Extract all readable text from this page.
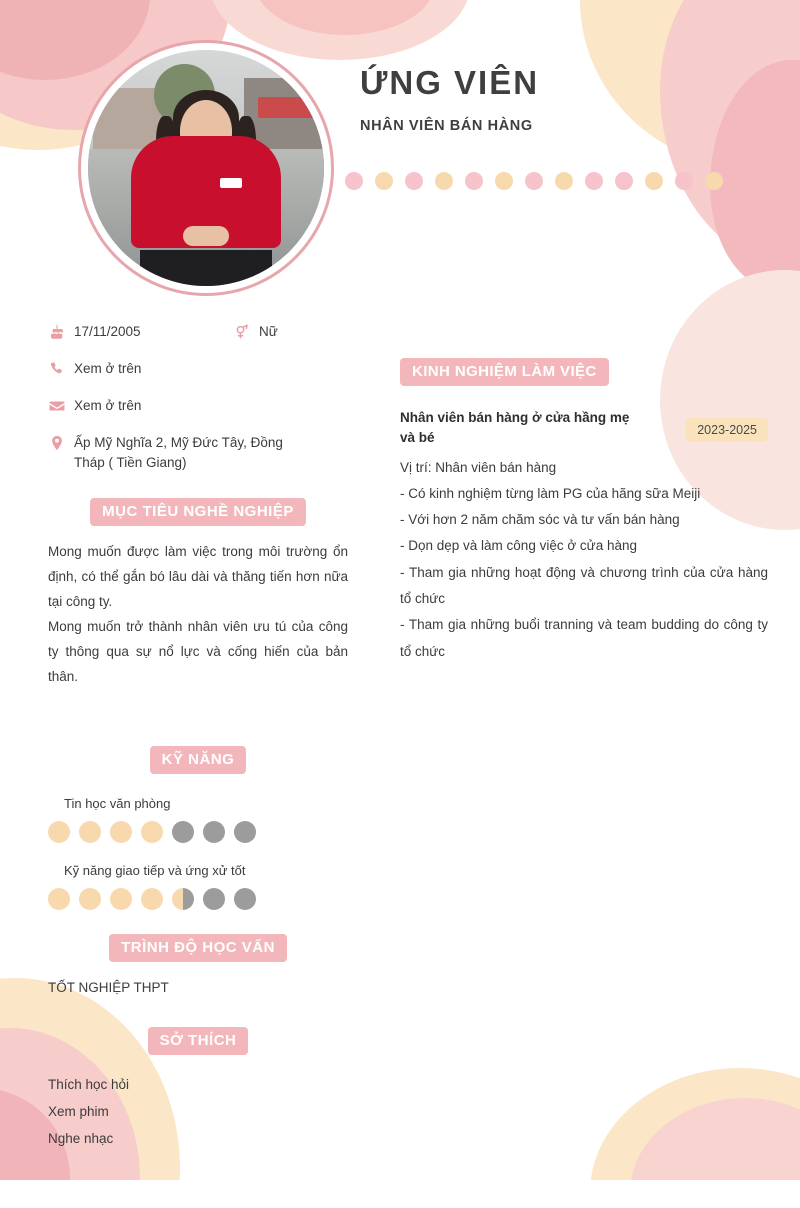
ỨNG VIÊN
NHÂN VIÊN BÁN HÀNG
17/11/2005	Nữ
Xem ở trên
Xem ở trên
Ấp Mỹ Nghĩa 2, Mỹ Đức Tây, Đồng Tháp ( Tiền Giang)
MỤC TIÊU NGHỀ NGHIỆP
Mong muốn được làm việc trong môi trường ổn định, có thể gắn bó lâu dài và thăng tiến hơn nữa tại công ty.
Mong muốn trở thành nhân viên ưu tú của công ty thông qua sự nổ lực và cống hiến của bản thân.
KỸ NĂNG
Tin học văn phòng
Kỹ năng giao tiếp và ứng xử tốt
TRÌNH ĐỘ HỌC VẤN
TỐT NGHIỆP THPT
SỞ THÍCH
Thích học hỏi
Xem phim
Nghe nhạc
KINH NGHIỆM LÀM VIỆC
Nhân viên bán hàng ở cửa hầng mẹ và bé
2023-2025
Vị trí: Nhân viên bán hàng
- Có kinh nghiệm từng làm PG của hãng sữa Meiji
- Với hơn 2 năm chăm sóc và tư vấn bán hàng
- Dọn dẹp và làm công việc ở cửa hàng
- Tham gia những hoạt động và chương trình của cửa hàng tổ chức
- Tham gia những buổi tranning và team budding do công ty tổ chức
